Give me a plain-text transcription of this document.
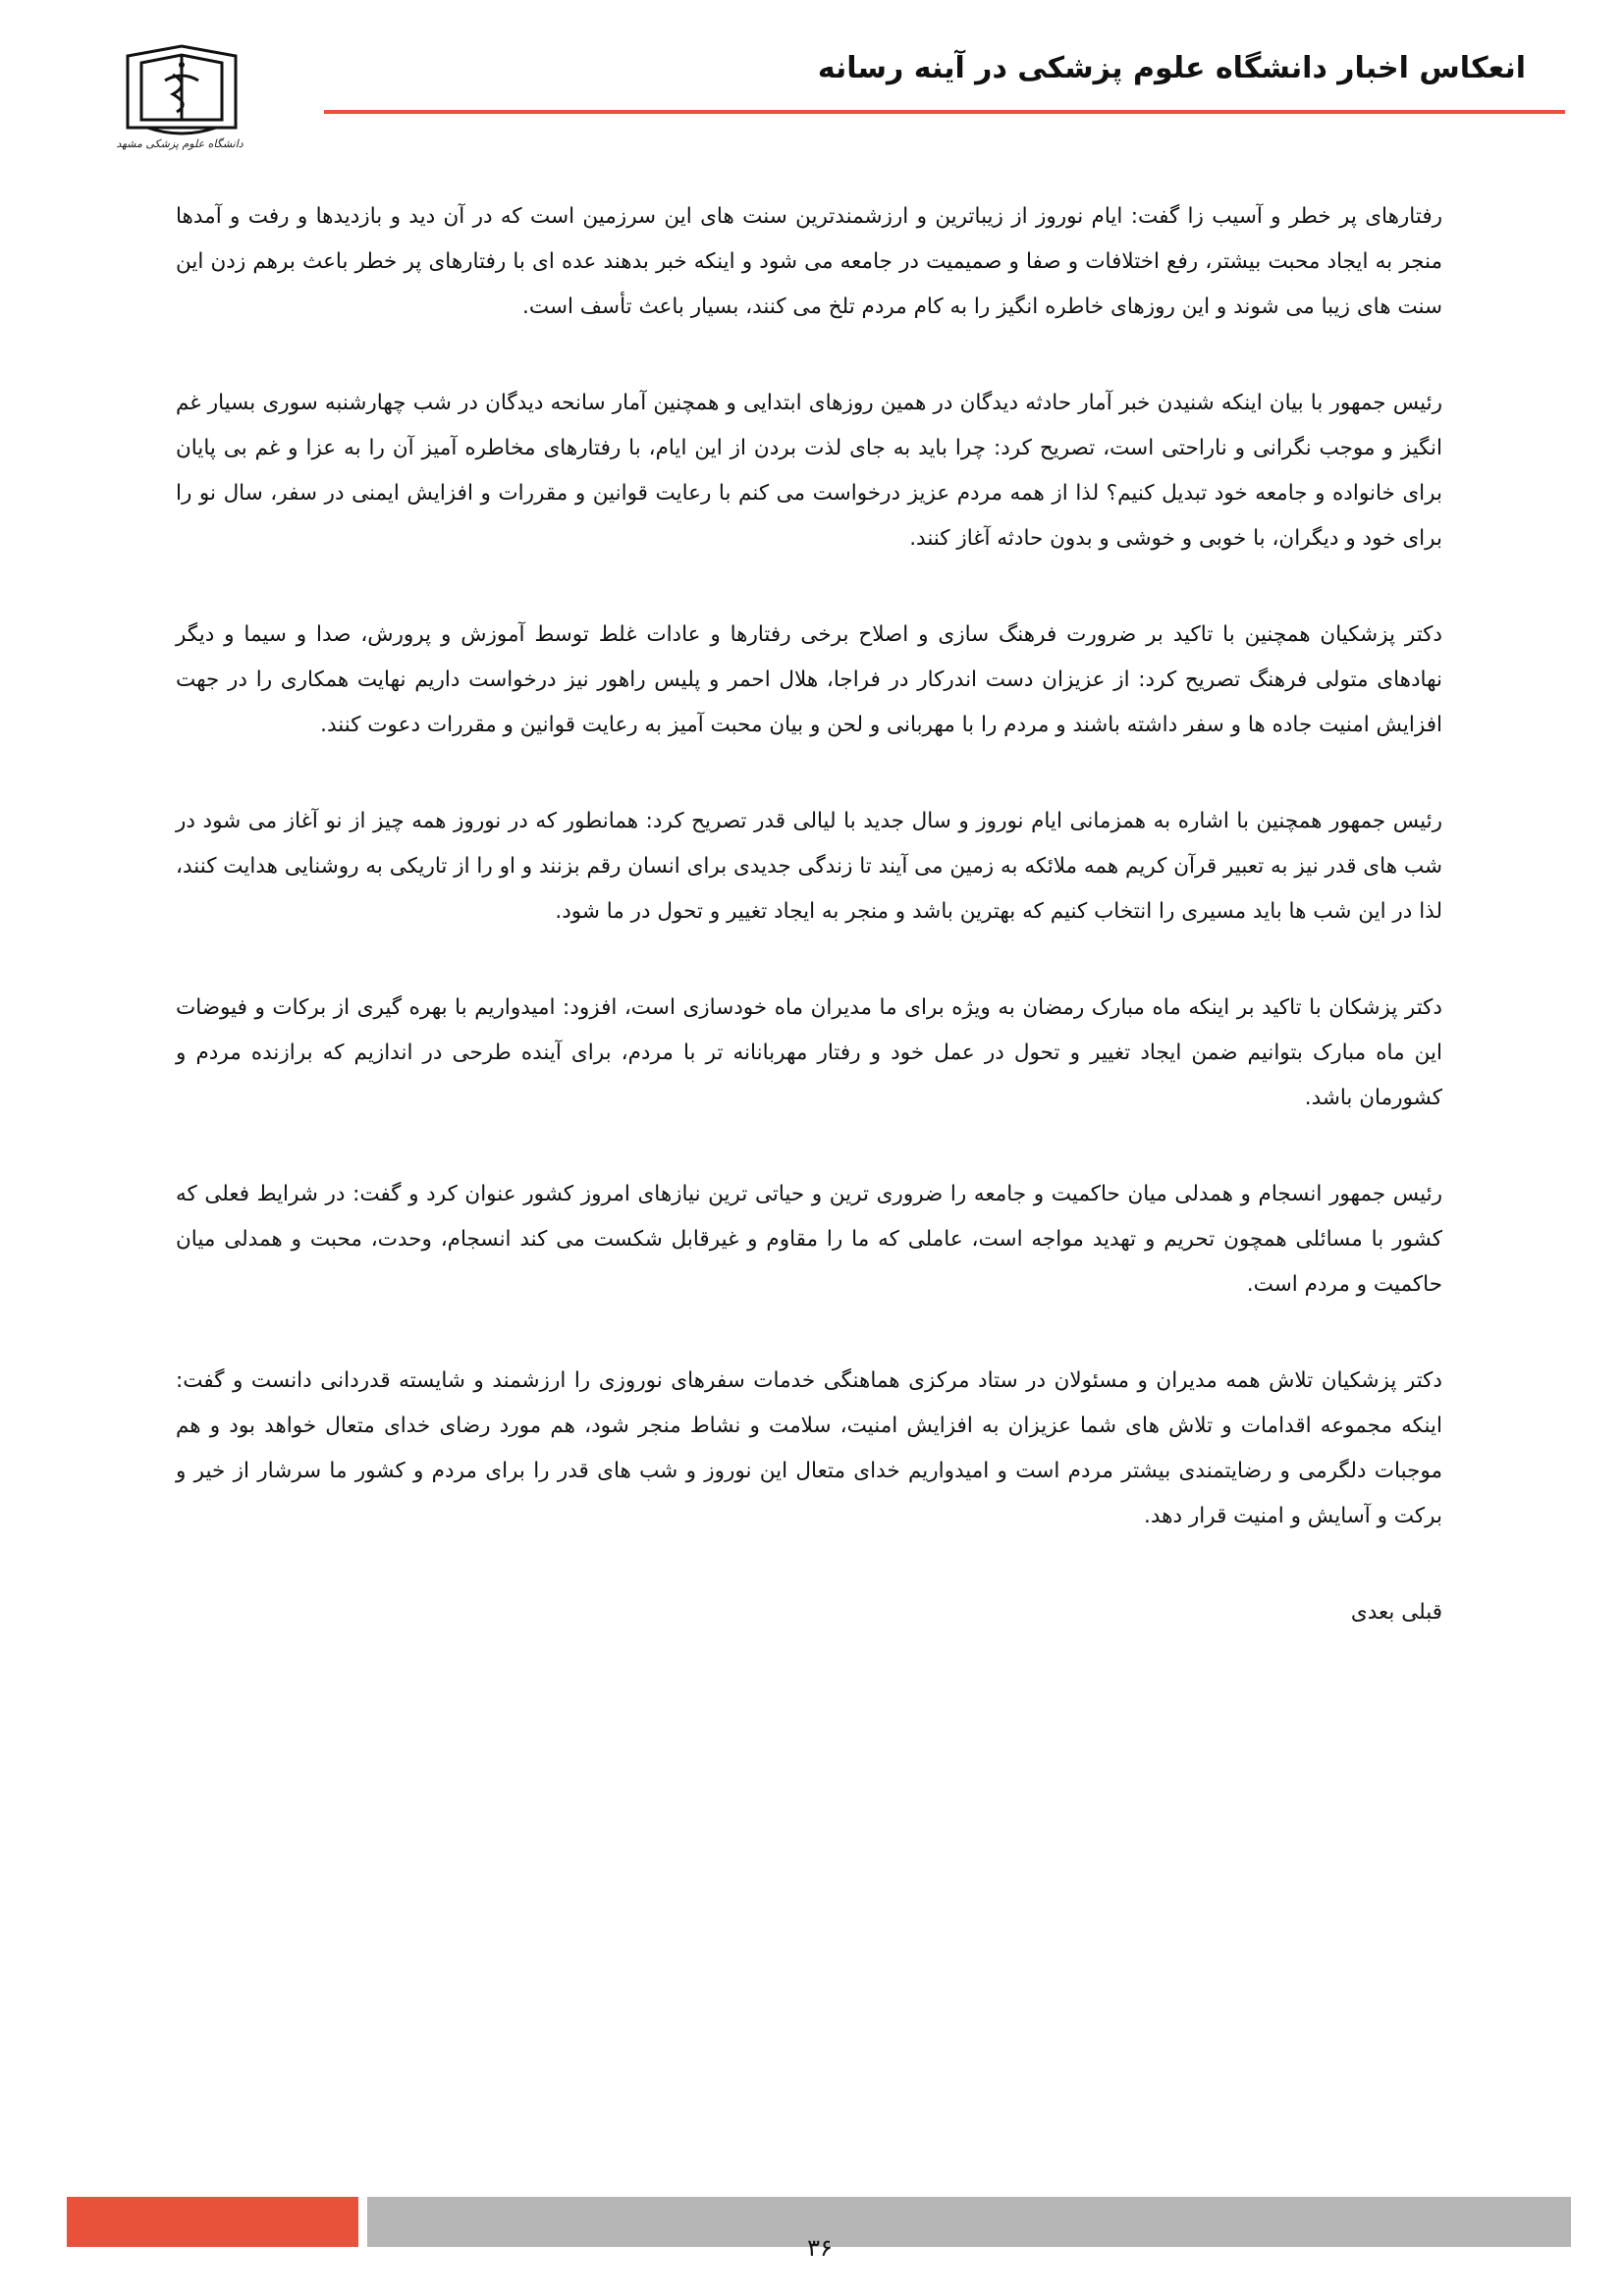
انعکاس اخبار دانشگاه علوم پزشکی در آینه رسانه
دانشگاه علوم پزشکی مشهد

رفتارهای پر خطر و آسیب زا گفت: ایام نوروز از زیباترین و ارزشمندترین سنت های این سرزمین است که در آن دید و بازدیدها و رفت و آمدها منجر به ایجاد محبت بیشتر، رفع اختلافات و صفا و صمیمیت در جامعه می شود و اینکه خبر بدهند عده ای با رفتارهای پر خطر باعث برهم زدن این سنت های زیبا می شوند و این روزهای خاطره انگیز را به کام مردم تلخ می کنند، بسیار باعث تأسف است.

رئیس جمهور با بیان اینکه شنیدن خبر آمار حادثه دیدگان در همین روزهای ابتدایی و همچنین آمار سانحه دیدگان در شب چهارشنبه سوری بسیار غم انگیز و موجب نگرانی و ناراحتی است، تصریح کرد: چرا باید به جای لذت بردن از این ایام، با رفتارهای مخاطره آمیز آن را به عزا و غم بی پایان برای خانواده و جامعه خود تبدیل کنیم؟ لذا از همه مردم عزیز درخواست می کنم با رعایت قوانین و مقررات و افزایش ایمنی در سفر، سال نو را برای خود و دیگران، با خوبی و خوشی و بدون حادثه آغاز کنند.

دکتر پزشکیان همچنین با تاکید بر ضرورت فرهنگ سازی و اصلاح برخی رفتارها و عادات غلط توسط آموزش و پرورش، صدا و سیما و دیگر نهادهای متولی فرهنگ تصریح کرد: از عزیزان دست اندرکار در فراجا، هلال احمر و پلیس راهور نیز درخواست داریم نهایت همکاری را در جهت افزایش امنیت جاده ها و سفر داشته باشند و مردم را با مهربانی و لحن و بیان محبت آمیز به رعایت قوانین و مقررات دعوت کنند.

رئیس جمهور همچنین با اشاره به همزمانی ایام نوروز و سال جدید با لیالی قدر تصریح کرد: همانطور که در نوروز همه چیز از نو آغاز می شود در شب های قدر نیز به تعبیر قرآن کریم همه ملائکه به زمین می آیند تا زندگی جدیدی برای انسان رقم بزنند و او را از تاریکی به روشنایی هدایت کنند، لذا در این شب ها باید مسیری را انتخاب کنیم که بهترین باشد و منجر به ایجاد تغییر و تحول در ما شود.

دکتر پزشکان با تاکید بر اینکه ماه مبارک رمضان به ویژه برای ما مدیران ماه خودسازی است، افزود: امیدواریم با بهره گیری از برکات و فیوضات این ماه مبارک بتوانیم ضمن ایجاد تغییر و تحول در عمل خود و رفتار مهربانانه تر با مردم، برای آینده طرحی در اندازیم که برازنده مردم و کشورمان باشد.

رئیس جمهور انسجام و همدلی میان حاکمیت و جامعه را ضروری ترین و حیاتی ترین نیازهای امروز کشور عنوان کرد و گفت: در شرایط فعلی که کشور با مسائلی همچون تحریم و تهدید مواجه است، عاملی که ما را مقاوم و غیرقابل شکست می کند انسجام، وحدت، محبت و همدلی میان حاکمیت و مردم است.

دکتر پزشکیان تلاش همه مدیران و مسئولان در ستاد مرکزی هماهنگی خدمات سفرهای نوروزی را ارزشمند و شایسته قدردانی دانست و گفت: اینکه مجموعه اقدامات و تلاش های شما عزیزان به افزایش امنیت، سلامت و نشاط منجر شود، هم مورد رضای خدای متعال خواهد بود و هم موجبات دلگرمی و رضایتمندی بیشتر مردم است و امیدواریم خدای متعال این نوروز و شب های قدر را برای مردم و کشور ما سرشار از خیر و برکت و آسایش و امنیت قرار دهد.

قبلی بعدی

۳۶
